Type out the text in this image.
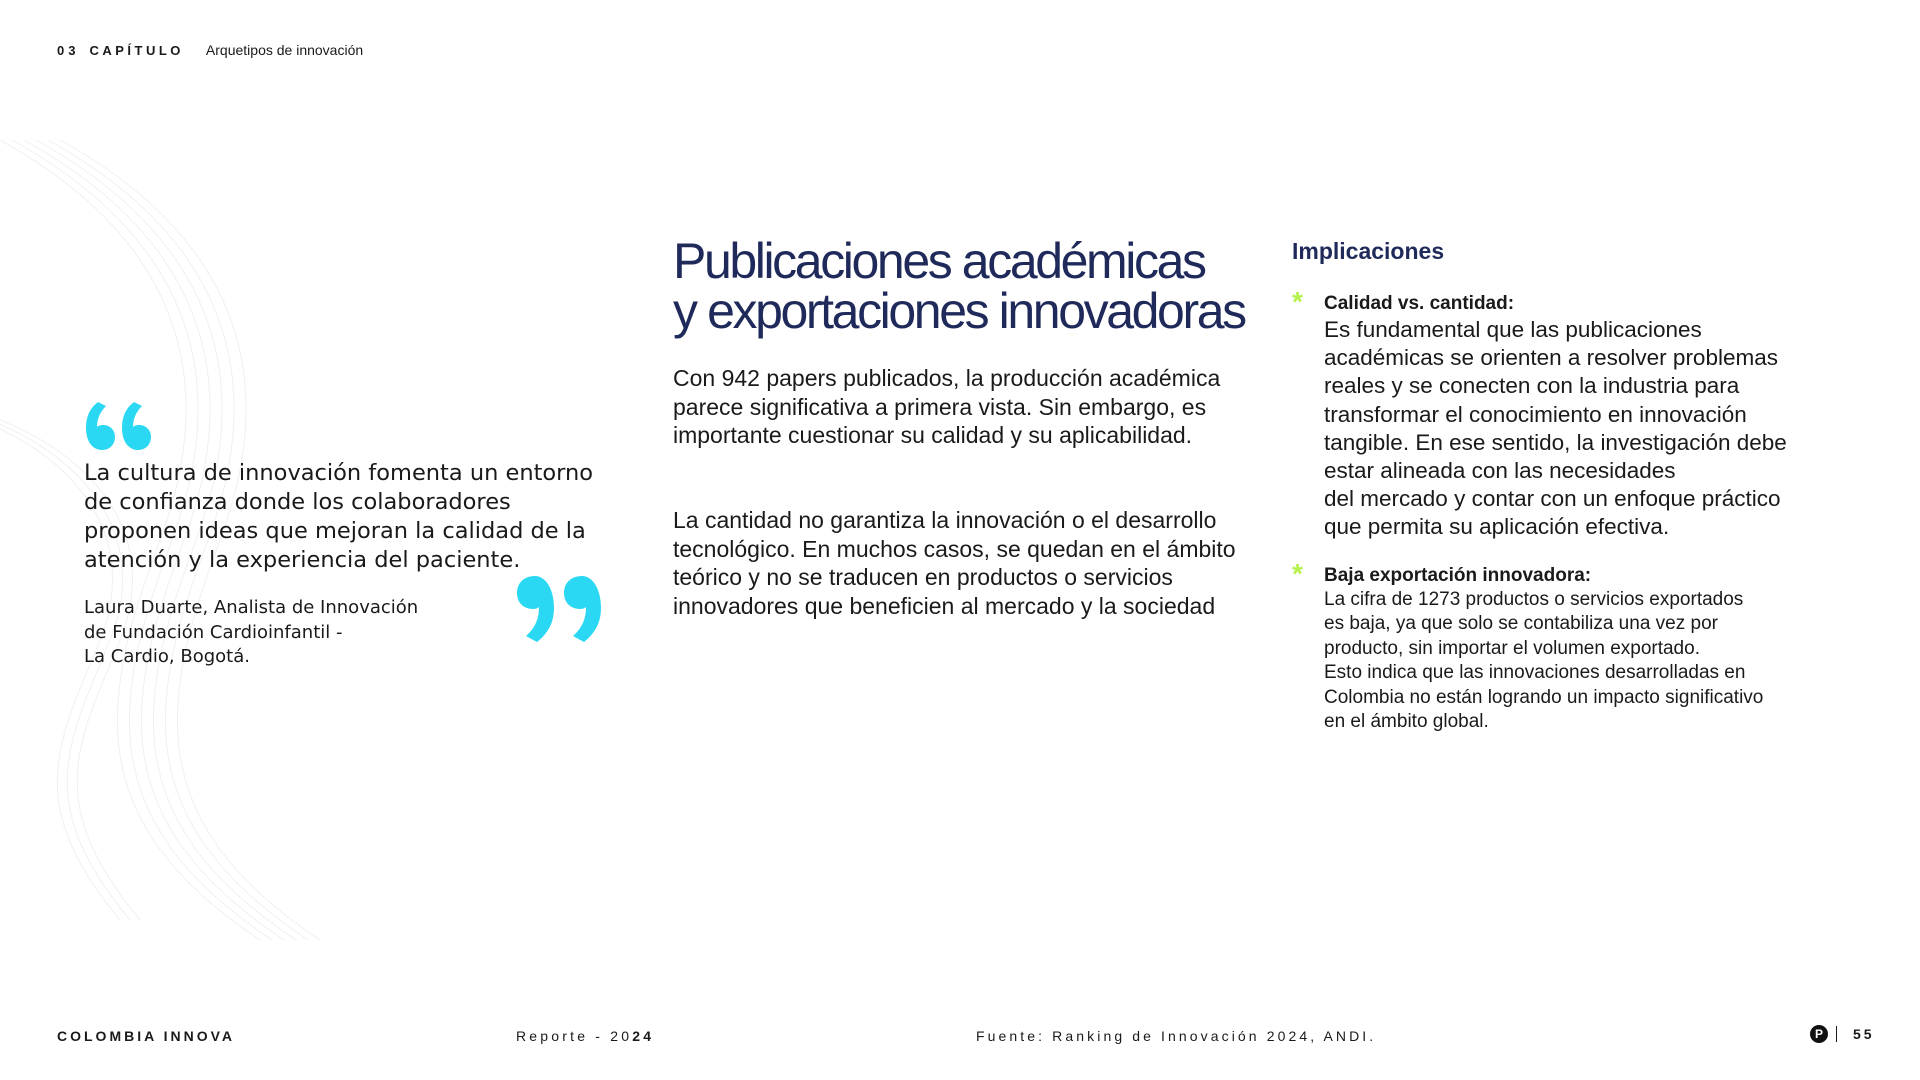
03 CAPÍTULO Arquetipos de innovación

La cultura de innovación fomenta un entorno de confianza donde los colaboradores proponen ideas que mejoran la calidad de la atención y la experiencia del paciente.

Laura Duarte, Analista de Innovación
de Fundación Cardioinfantil -
La Cardio, Bogotá.

Publicaciones académicas
y exportaciones innovadoras

Con 942 papers publicados, la producción académica parece significativa a primera vista. Sin embargo, es importante cuestionar su calidad y su aplicabilidad.

La cantidad no garantiza la innovación o el desarrollo tecnológico. En muchos casos, se quedan en el ámbito teórico y no se traducen en productos o servicios innovadores que beneficien al mercado y la sociedad

Implicaciones
* Calidad vs. cantidad:

Es fundamental que las publicaciones
académicas se orienten a resolver problemas
reales y se conecten con la industria para
transformar el conocimiento en innovación
tangible. En ese sentido, la investigación debe
estar alineada con las necesidades
del mercado y contar con un enfoque práctico
que permita su aplicación efectiva.

* Baja exportación innovadora:

La cifra de 1273 productos o servicios exportados
es baja, ya que solo se contabiliza una vez por
producto, sin importar el volumen exportado.
Esto indica que las innovaciones desarrolladas en
Colombia no están logrando un impacto significativo
en el ámbito global.

COLOMBIA INNOVA	Reporte - 2024	Fuente: Ranking de Innovación 2024, ANDI.	P	55
